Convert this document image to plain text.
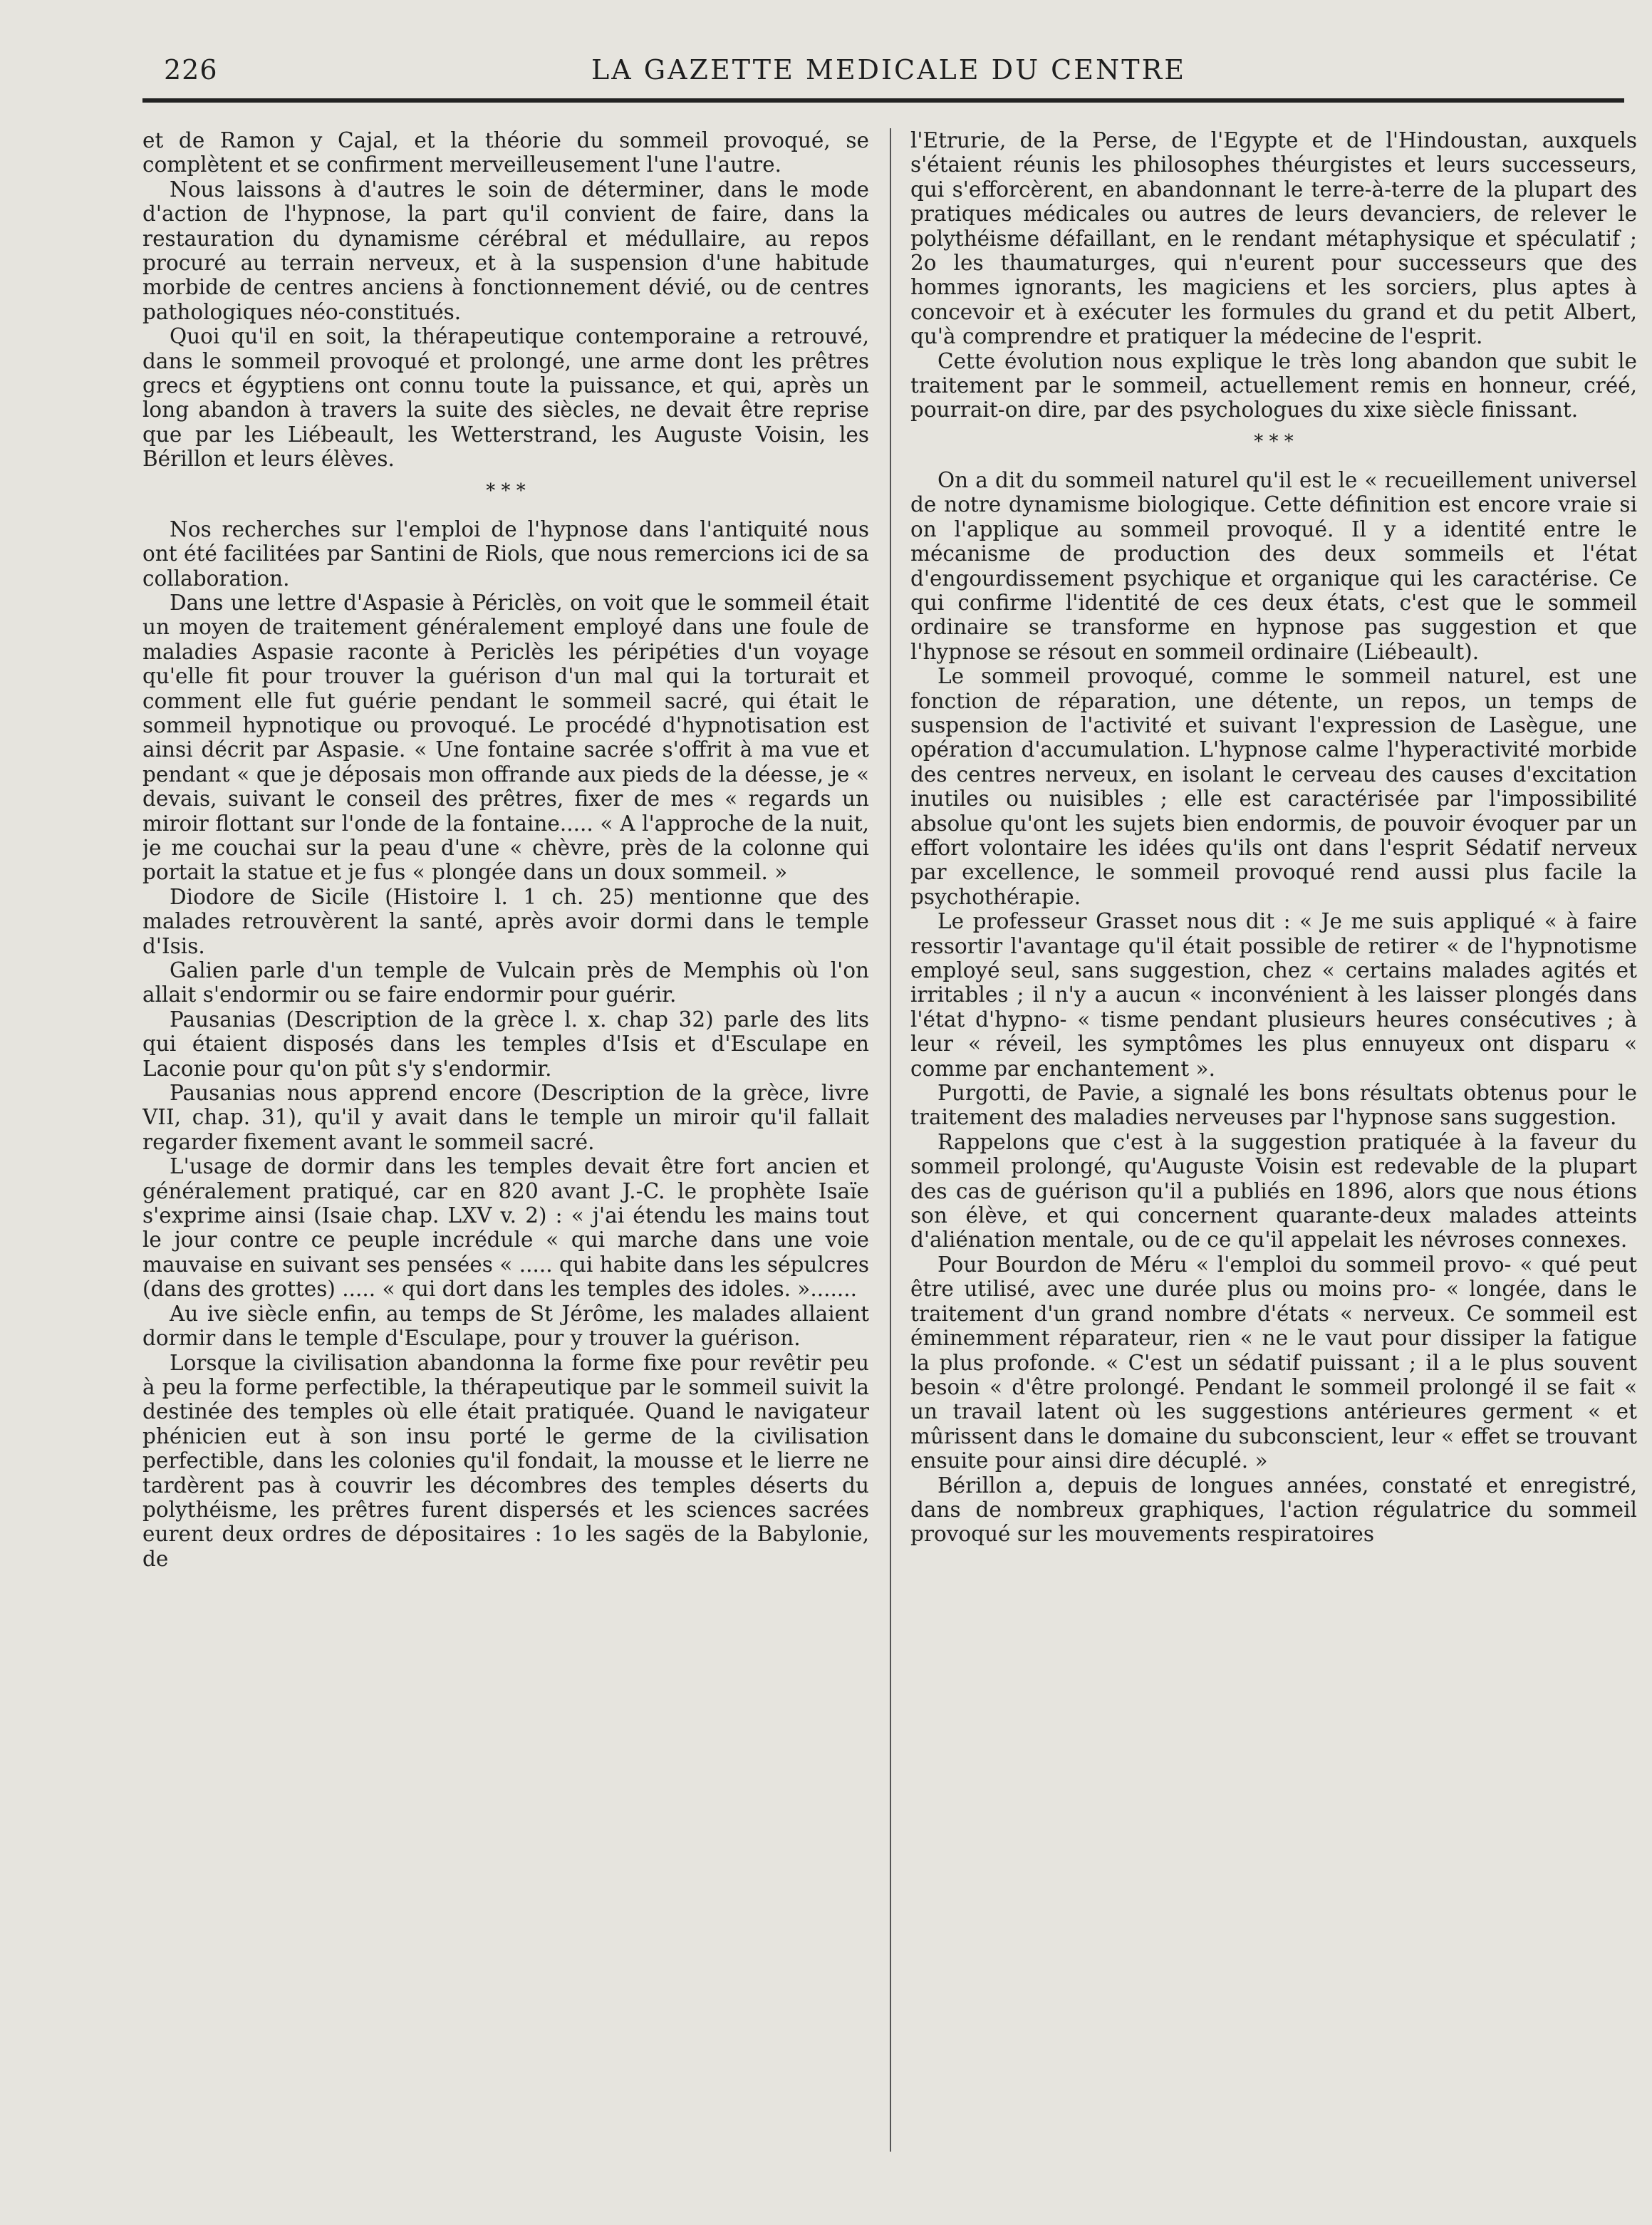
226	LA GAZETTE MEDICALE DU CENTRE

et de Ramon y Cajal, et la théorie du sommeil provoqué, se complètent et se confirment merveilleusement l'une l'autre.

Nous laissons à d'autres le soin de déterminer, dans le mode d'action de l'hypnose, la part qu'il convient de faire, dans la restauration du dynamisme cérébral et médullaire, au repos procuré au terrain nerveux, et à la suspension d'une habitude morbide de centres anciens à fonctionnement dévié, ou de centres pathologiques néo-constitués.

Quoi qu'il en soit, la thérapeutique contemporaine a retrouvé, dans le sommeil provoqué et prolongé, une arme dont les prêtres grecs et égyptiens ont connu toute la puissance, et qui, après un long abandon à travers la suite des siècles, ne devait être reprise que par les Liébeault, les Wetterstrand, les Auguste Voisin, les Bérillon et leurs élèves.

* * *

Nos recherches sur l'emploi de l'hypnose dans l'antiquité nous ont été facilitées par Santini de Riols, que nous remercions ici de sa collaboration.

Dans une lettre d'Aspasie à Périclès, on voit que le sommeil était un moyen de traitement généralement employé dans une foule de maladies Aspasie raconte à Periclès les péripéties d'un voyage qu'elle fit pour trouver la guérison d'un mal qui la torturait et comment elle fut guérie pendant le sommeil sacré, qui était le sommeil hypnotique ou provoqué. Le procédé d'hypnotisation est ainsi décrit par Aspasie. « Une fontaine sacrée s'offrit à ma vue et pendant « que je déposais mon offrande aux pieds de la déesse, je « devais, suivant le conseil des prêtres, fixer de mes « regards un miroir flottant sur l'onde de la fontaine..... « A l'approche de la nuit, je me couchai sur la peau d'une « chèvre, près de la colonne qui portait la statue et je fus « plongée dans un doux sommeil. »

Diodore de Sicile (Histoire l. 1 ch. 25) mentionne que des malades retrouvèrent la santé, après avoir dormi dans le temple d'Isis.

Galien parle d'un temple de Vulcain près de Memphis où l'on allait s'endormir ou se faire endormir pour guérir.

Pausanias (Description de la grèce l. x. chap 32) parle des lits qui étaient disposés dans les temples d'Isis et d'Esculape en Laconie pour qu'on pût s'y s'endormir.

Pausanias nous apprend encore (Description de la grèce, livre VII, chap. 31), qu'il y avait dans le temple un miroir qu'il fallait regarder fixement avant le sommeil sacré.

L'usage de dormir dans les temples devait être fort ancien et généralement pratiqué, car en 820 avant J.-C. le prophète Isaïe s'exprime ainsi (Isaie chap. LXV v. 2) : « j'ai étendu les mains tout le jour contre ce peuple incrédule « qui marche dans une voie mauvaise en suivant ses pensées « ..... qui habite dans les sépulcres (dans des grottes) ..... « qui dort dans les temples des idoles. ».......

Au ive siècle enfin, au temps de St Jérôme, les malades allaient dormir dans le temple d'Esculape, pour y trouver la guérison.

Lorsque la civilisation abandonna la forme fixe pour revêtir peu à peu la forme perfectible, la thérapeutique par le sommeil suivit la destinée des temples où elle était pratiquée. Quand le navigateur phénicien eut à son insu porté le germe de la civilisation perfectible, dans les colonies qu'il fondait, la mousse et le lierre ne tardèrent pas à couvrir les décombres des temples déserts du polythéisme, les prêtres furent dispersés et les sciences sacrées eurent deux ordres de dépositaires : 1o les sagës de la Babylonie, de

l'Etrurie, de la Perse, de l'Egypte et de l'Hindoustan, auxquels s'étaient réunis les philosophes théurgistes et leurs successeurs, qui s'efforcèrent, en abandonnant le terre-à-terre de la plupart des pratiques médicales ou autres de leurs devanciers, de relever le polythéisme défaillant, en le rendant métaphysique et spéculatif ; 2o les thaumaturges, qui n'eurent pour successeurs que des hommes ignorants, les magiciens et les sorciers, plus aptes à concevoir et à exécuter les formules du grand et du petit Albert, qu'à comprendre et pratiquer la médecine de l'esprit.

Cette évolution nous explique le très long abandon que subit le traitement par le sommeil, actuellement remis en honneur, créé, pourrait-on dire, par des psychologues du xixe siècle finissant.

* * *

On a dit du sommeil naturel qu'il est le « recueillement universel de notre dynamisme biologique. Cette définition est encore vraie si on l'applique au sommeil provoqué. Il y a identité entre le mécanisme de production des deux sommeils et l'état d'engourdissement psychique et organique qui les caractérise. Ce qui confirme l'identité de ces deux états, c'est que le sommeil ordinaire se transforme en hypnose pas suggestion et que l'hypnose se résout en sommeil ordinaire (Liébeault).

Le sommeil provoqué, comme le sommeil naturel, est une fonction de réparation, une détente, un repos, un temps de suspension de l'activité et suivant l'expression de Lasègue, une opération d'accumulation. L'hypnose calme l'hyperactivité morbide des centres nerveux, en isolant le cerveau des causes d'excitation inutiles ou nuisibles ; elle est caractérisée par l'impossibilité absolue qu'ont les sujets bien endormis, de pouvoir évoquer par un effort volontaire les idées qu'ils ont dans l'esprit Sédatif nerveux par excellence, le sommeil provoqué rend aussi plus facile la psychothérapie.

Le professeur Grasset nous dit : « Je me suis appliqué « à faire ressortir l'avantage qu'il était possible de retirer « de l'hypnotisme employé seul, sans suggestion, chez « certains malades agités et irritables ; il n'y a aucun « inconvénient à les laisser plongés dans l'état d'hypno- « tisme pendant plusieurs heures consécutives ; à leur « réveil, les symptômes les plus ennuyeux ont disparu « comme par enchantement ».

Purgotti, de Pavie, a signalé les bons résultats obtenus pour le traitement des maladies nerveuses par l'hypnose sans suggestion.

Rappelons que c'est à la suggestion pratiquée à la faveur du sommeil prolongé, qu'Auguste Voisin est redevable de la plupart des cas de guérison qu'il a publiés en 1896, alors que nous étions son élève, et qui concernent quarante-deux malades atteints d'aliénation mentale, ou de ce qu'il appelait les névroses connexes.

Pour Bourdon de Méru « l'emploi du sommeil provo- « qué peut être utilisé, avec une durée plus ou moins pro- « longée, dans le traitement d'un grand nombre d'états « nerveux. Ce sommeil est éminemment réparateur, rien « ne le vaut pour dissiper la fatigue la plus profonde. « C'est un sédatif puissant ; il a le plus souvent besoin « d'être prolongé. Pendant le sommeil prolongé il se fait « un travail latent où les suggestions antérieures germent « et mûrissent dans le domaine du subconscient, leur « effet se trouvant ensuite pour ainsi dire décuplé. »

Bérillon a, depuis de longues années, constaté et enregistré, dans de nombreux graphiques, l'action régulatrice du sommeil provoqué sur les mouvements respiratoires
